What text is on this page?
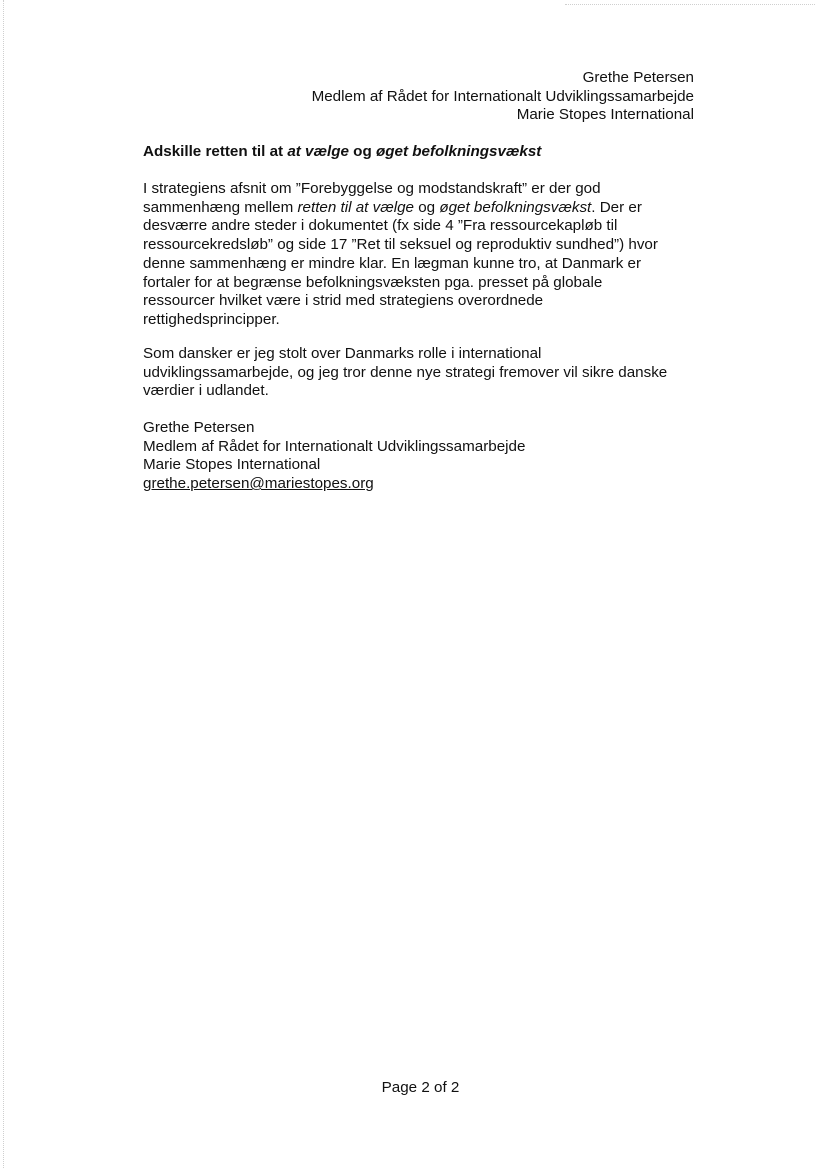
Grethe Petersen
Medlem af Rådet for Internationalt Udviklingssamarbejde
Marie Stopes International
Adskille retten til at at vælge og øget befolkningsvækst
I strategiens afsnit om ”Forebyggelse og modstandskraft” er der god
sammenhæng mellem retten til at vælge og øget befolkningsvækst. Der er
desværre andre steder i dokumentet (fx side 4 ”Fra ressourcekapløb til
ressourcekredsløb” og side 17 ”Ret til seksuel og reproduktiv sundhed”) hvor
denne sammenhæng er mindre klar. En lægman kunne tro, at Danmark er
fortaler for at begrænse befolkningsvæksten pga. presset på globale
ressourcer hvilket være i strid med strategiens overordnede
rettighedsprincipper.
Som dansker er jeg stolt over Danmarks rolle i international
udviklingssamarbejde, og jeg tror denne nye strategi fremover vil sikre danske
værdier i udlandet.
Grethe Petersen
Medlem af Rådet for Internationalt Udviklingssamarbejde
Marie Stopes International
grethe.petersen@mariestopes.org
Page 2 of 2
